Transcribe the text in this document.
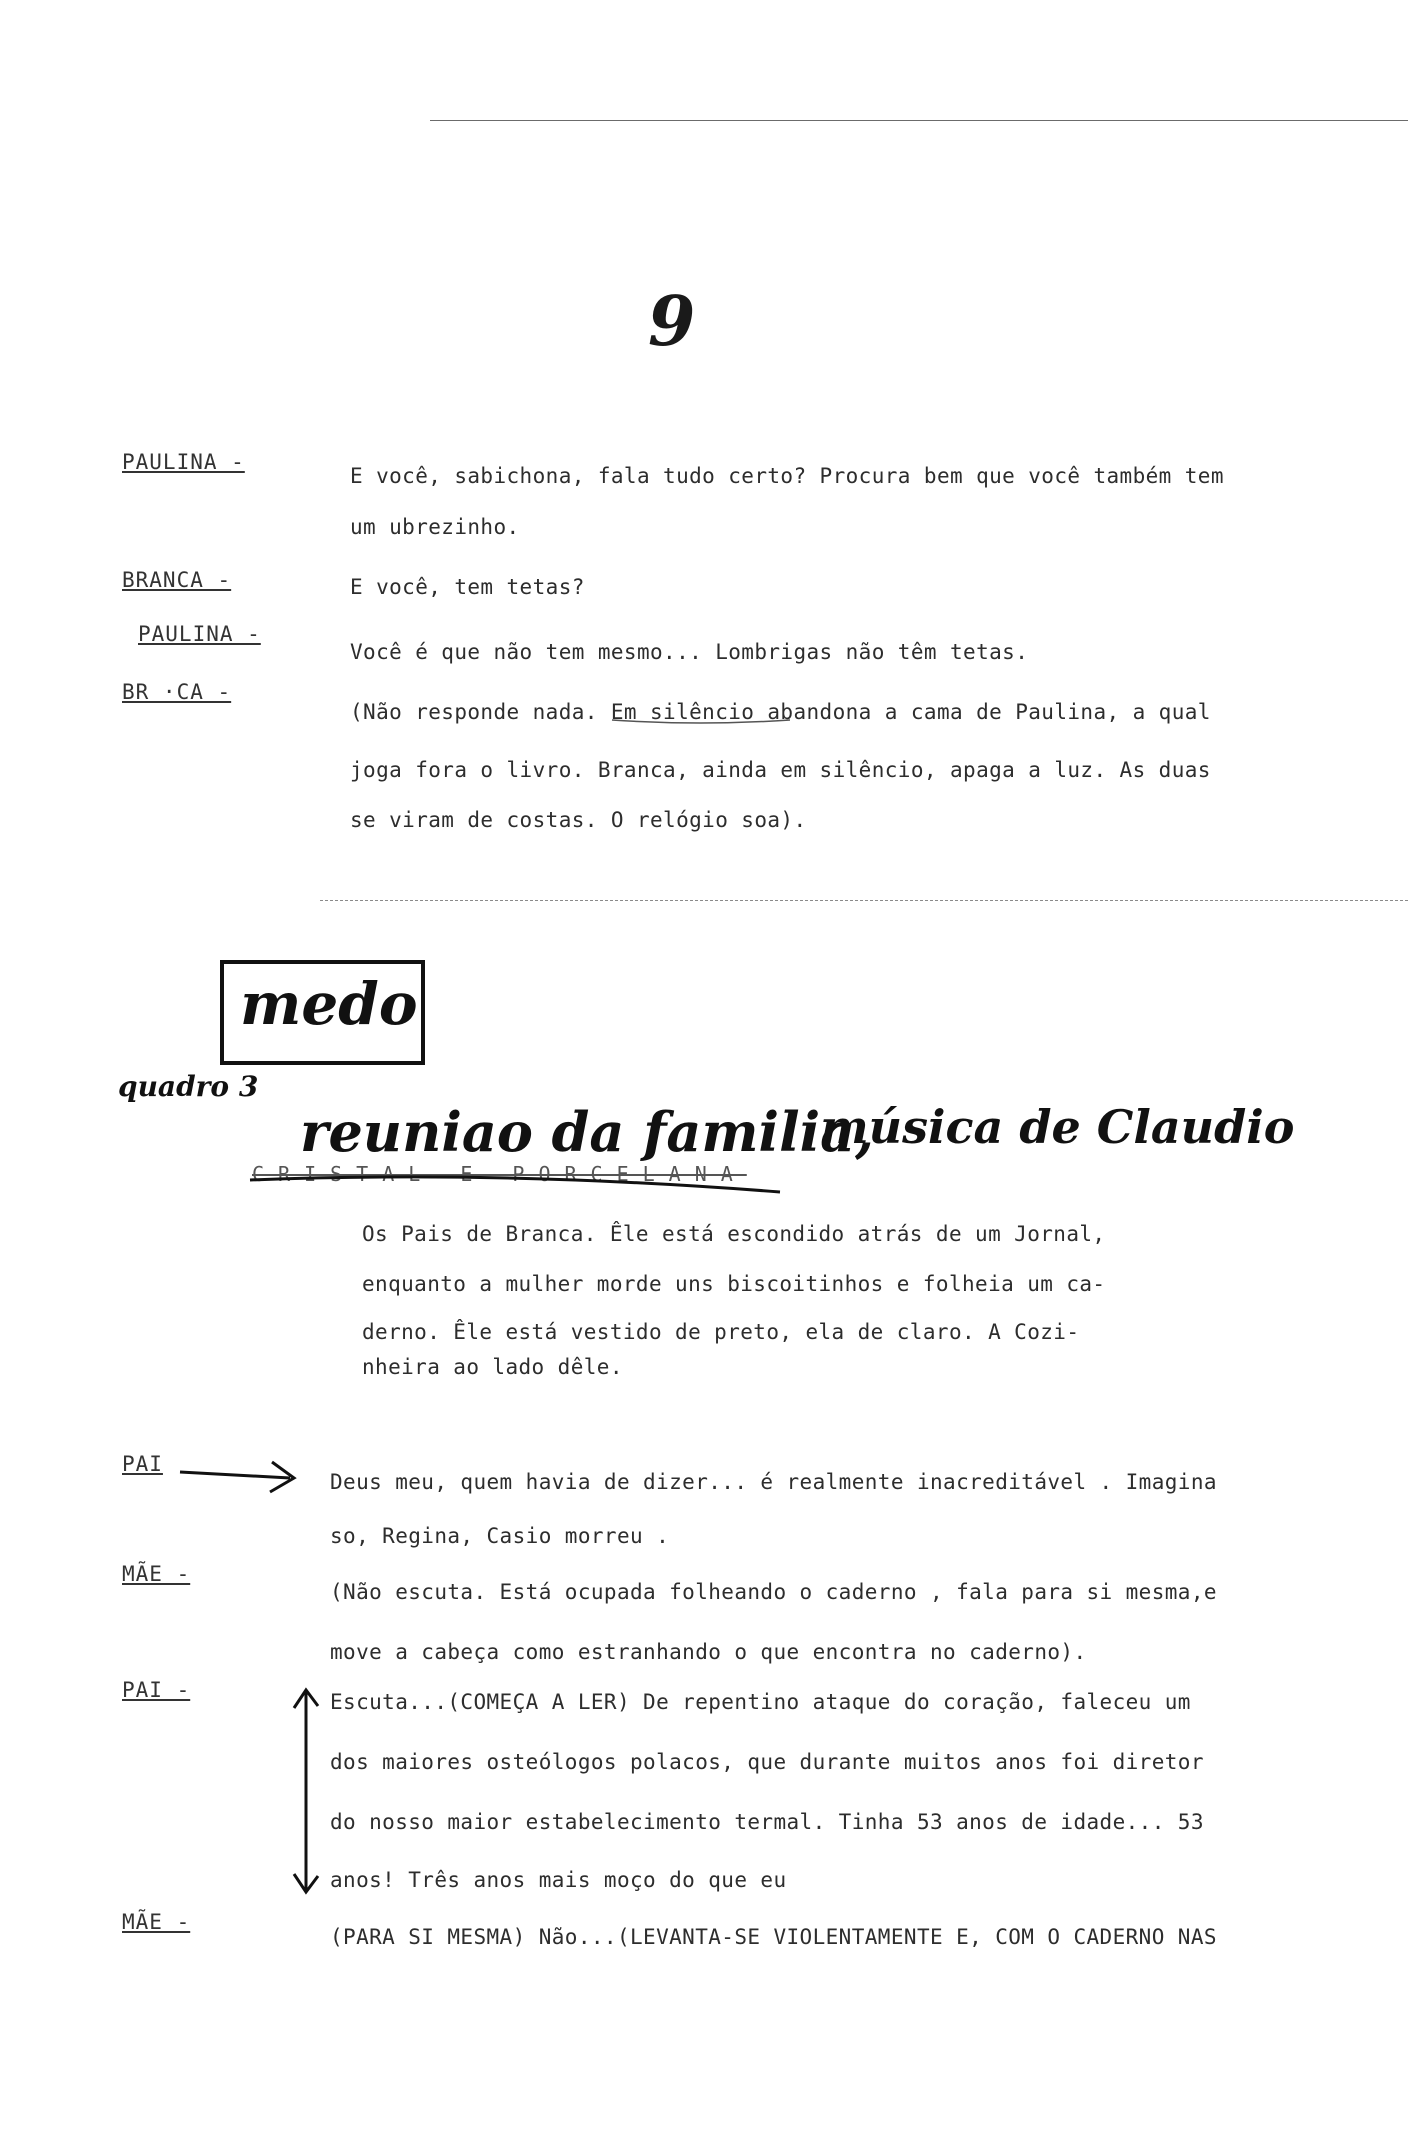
9
PAULINA -
E você, sabichona, fala tudo certo? Procura bem que você também tem
um ubrezinho.
BRANCA -	E você, tem tetas?
PAULINA -
Você é que não tem mesmo... Lombrigas não têm tetas.
BR ·CA -
(Não responde nada. Em silêncio abandona a cama de Paulina, a qual
joga fora o livro. Branca, ainda em silêncio, apaga a luz. As duas
se viram de costas. O relógio soa).
medo
quadro 3
reuniao da familia,
música de Claudio
CRISTAL E PORCELANA
Os Pais de Branca. Êle está escondido atrás de um Jornal,
enquanto a mulher morde uns biscoitinhos e folheia um ca-
derno. Êle está vestido de preto, ela de claro. A Cozi-
nheira ao lado dêle.
PAI
Deus meu, quem havia de dizer... é realmente inacreditável . Imagina
so, Regina, Casio morreu .
MÃE -
(Não escuta. Está ocupada folheando o caderno , fala para si mesma,e
move a cabeça como estranhando o que encontra no caderno).
PAI -	Escuta...(COMEÇA A LER) De repentino ataque do coração, faleceu um
dos maiores osteólogos polacos, que durante muitos anos foi diretor
do nosso maior estabelecimento termal. Tinha 53 anos de idade... 53
anos! Três anos mais moço do que eu
MÃE -
(PARA SI MESMA) Não...(LEVANTA-SE VIOLENTAMENTE E, COM O CADERNO NAS
